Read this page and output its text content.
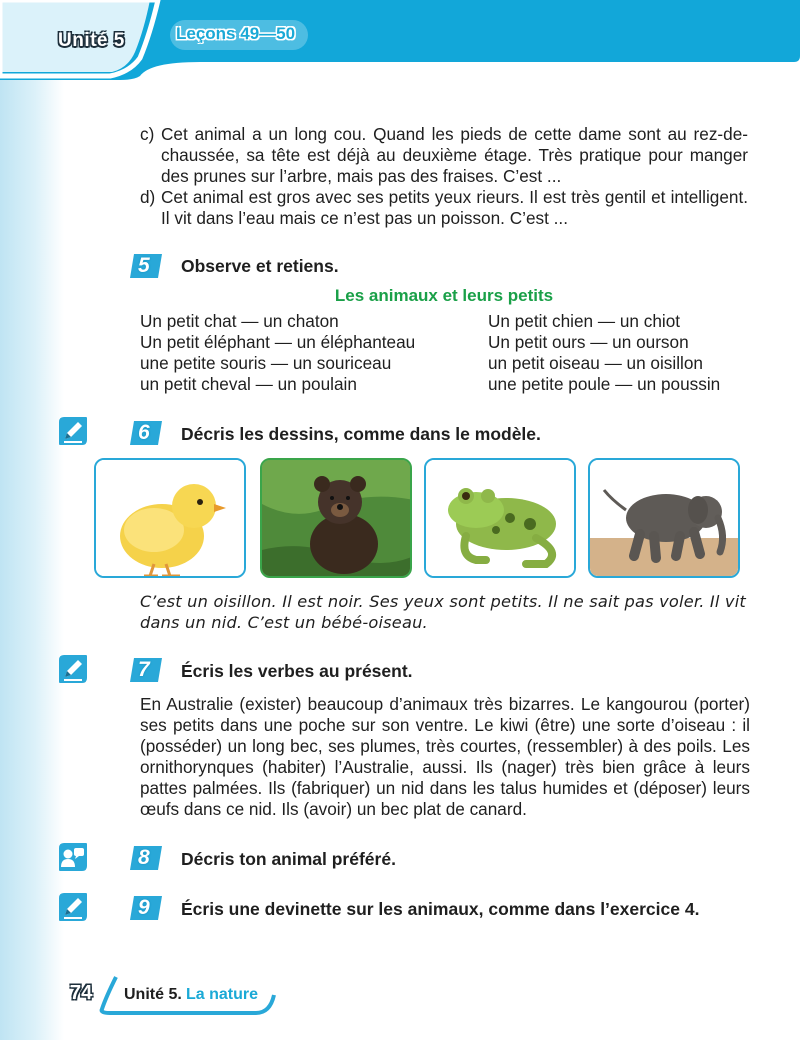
Unité 5	Leçons 49—50
c) Cet animal a un long cou. Quand les pieds de cette dame sont au rez-de-chaussée, sa tête est déjà au deuxième étage. Très pratique pour manger des prunes sur l’arbre, mais pas des fraises. C’est ...
d) Cet animal est gros avec ses petits yeux rieurs. Il est très gentil et intelligent. Il vit dans l’eau mais ce n’est pas un poisson. C’est ...
5 Observe et retiens.
Les animaux et leurs petits
Un petit chat — un chaton
Un petit éléphant — un éléphanteau
une petite souris — un souriceau
un petit cheval — un poulain
Un petit chien — un chiot
Un petit ours — un ourson
un petit oiseau — un oisillon
une petite poule — un poussin
6 Décris les dessins, comme dans le modèle.
C’est un oisillon. Il est noir. Ses yeux sont petits. Il ne sait pas voler. Il vit dans un nid. C’est un bébé-oiseau.
7 Écris les verbes au présent.
En Australie (exister) beaucoup d’animaux très bizarres. Le kangourou (porter) ses petits dans une poche sur son ventre. Le kiwi (être) une sorte d’oiseau : il (posséder) un long bec, ses plumes, très courtes, (ressembler) à des poils. Les ornithorynques (habiter) l’Australie, aussi. Ils (nager) très bien grâce à leurs pattes palmées. Ils (fabriquer) un nid dans les talus humides et (déposer) leurs œufs dans ce nid. Ils (avoir) un bec plat de canard.
8 Décris ton animal préféré.
9 Écris une devinette sur les animaux, comme dans l’exercice 4.
74 Unité 5. La nature
